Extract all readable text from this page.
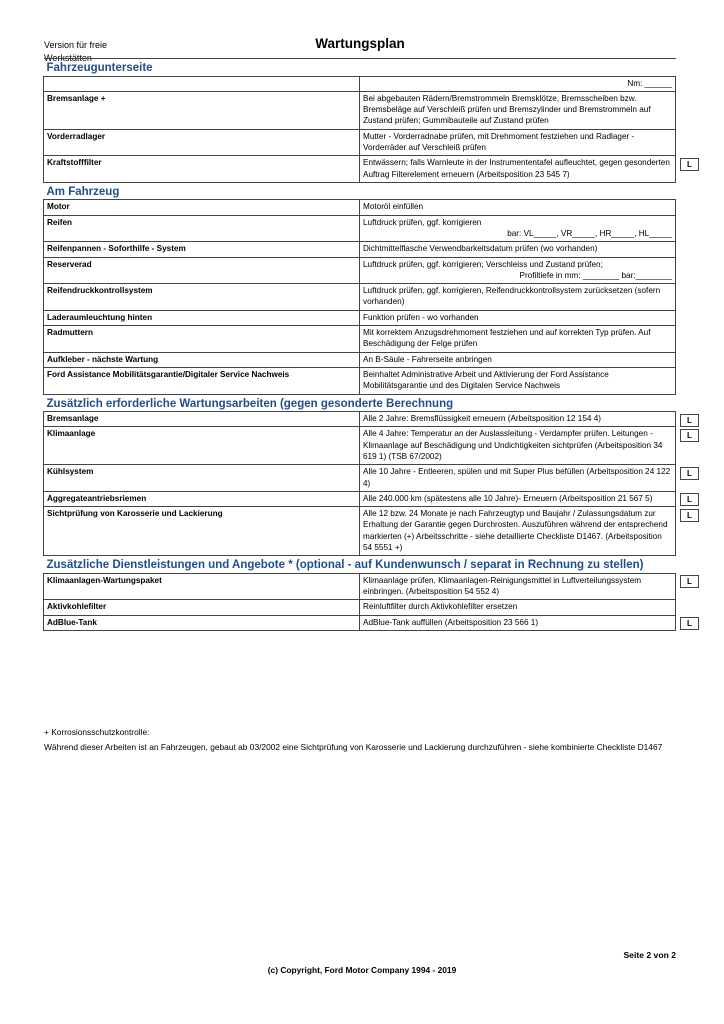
Version für freie Werkstätten
Wartungsplan
Fahrzeugunterseite	

	Nm: ______

Bremsanlage +	Bei abgebauten Rädern/Bremstrommeln Bremsklötze, Bremsscheiben bzw. Bremsbeläge auf Verschleiß prüfen und Bremszylinder und Bremstrommeln auf Zustand prüfen; Gummibauteile auf Zustand prüfen
Vorderradlager	Mutter - Vorderradnabe prüfen, mit Drehmoment festziehen und Radlager - Vorderräder auf Verschleiß prüfen
Kraftstofffilter	Entwässern; falls Warnleute in der Instrumententafel aufleuchtet, gegen gesonderten Auftrag Filterelement erneuern (Arbeitsposition 23 545 7)
Am Fahrzeug	
Motor	Motoröl einfüllen
Reifen	Luftdruck prüfen, ggf. korrigieren
bar: VL_____, VR_____, HR_____, HL_____

Reifenpannen - Soforthilfe - System	Dichtmittelflasche Verwendbarkeitsdatum prüfen (wo vorhanden)
Reserverad	Luftdruck prüfen, ggf. korrigieren; Verschleiss und Zustand prüfen;
Profiltiefe in mm: ________ bar:________

Reifendruckkontrollsystem	Luftdruck prüfen, ggf. korrigieren, Reifendruckkontrollsystem zurücksetzen (sofern vorhanden)
Laderaumleuchtung hinten	Funktion prüfen - wo vorhanden
Radmuttern	Mit korrektem Anzugsdrehmoment festziehen und auf korrekten Typ prüfen. Auf Beschädigung der Felge prüfen
Aufkleber - nächste Wartung	An B-Säule - Fahrerseite anbringen
Ford Assistance Mobilitätsgarantie/Digitaler Service Nachweis	Beinhaltet Administrative Arbeit und Aktivierung der Ford Assistance Mobilitätsgarantie und des Digitalen Service Nachweis
Zusätzlich erforderliche Wartungsarbeiten (gegen gesonderte Berechnung	
Bremsanlage	Alle 2 Jahre: Bremsflüssigkeit erneuern (Arbeitsposition 12 154 4)
Klimaanlage	Alle 4 Jahre: Temperatur an der Auslassleitung - Verdampfer prüfen. Leitungen - Klimaanlage auf Beschädigung und Undichtigkeiten sichtprüfen (Arbeitsposition 34 619 1) (TSB 67/2002)
Kühlsystem	Alle 10 Jahre - Entleeren, spülen und mit Super Plus befüllen (Arbeitsposition 24 122 4)
Aggregateantriebsriemen	Alle 240.000 km (spätestens alle 10 Jahre)- Erneuern (Arbeitsposition 21 567 5)
Sichtprüfung von Karosserie und Lackierung	Alle 12 bzw. 24 Monate je nach Fahrzeugtyp und Baujahr / Zulassungsdatum zur Erhaltung der Garantie gegen Durchrosten. Auszuführen während der entsprechend markierten (+) Arbeitsschritte - siehe detaillierte Checkliste D1467. (Arbeitsposition 54 5551 +)
Zusätzliche Dienstleistungen und Angebote * (optional - auf Kundenwunsch / separat in Rechnung zu stellen)	
Klimaanlagen-Wartungspaket	Klimaanlage prüfen. Klimaanlagen-Reinigungsmittel in Luftverteilungssystem einbringen. (Arbeitsposition 54 552 4)
Aktivkohlefilter	Reinluftfilter durch Aktivkohlefilter ersetzen
AdBlue-Tank	AdBlue-Tank auffüllen (Arbeitsposition 23 566 1)
L
L
L
L
L
L
L
L
+ Korrosionsschutzkontrolle:
Während dieser Arbeiten ist an Fahrzeugen, gebaut ab 03/2002 eine Sichtprüfung von Karosserie und Lackierung durchzuführen - siehe kombinierte Checkliste D1467
Seite 2 von 2
(c) Copyright, Ford Motor Company 1994 - 2019
